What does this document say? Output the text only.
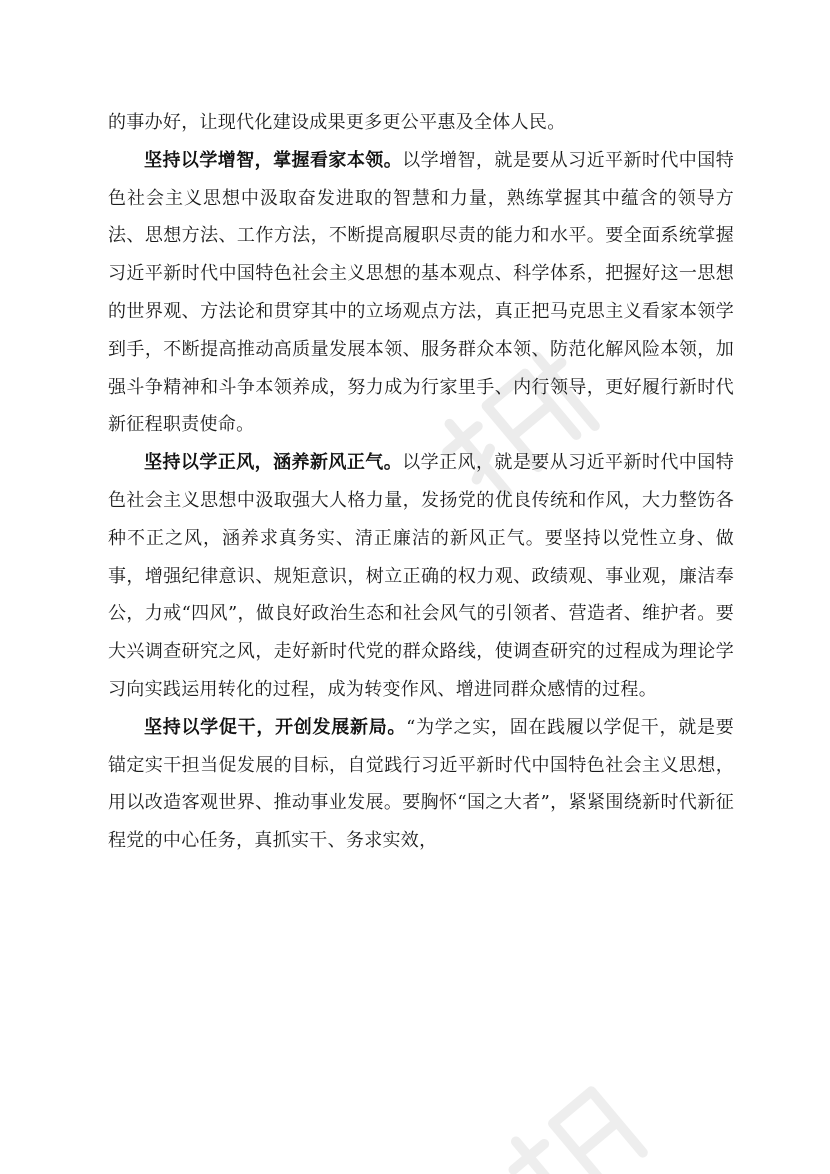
的事办好，让现代化建设成果更多更公平惠及全体人民。

坚持以学增智，掌握看家本领。以学增智，就是要从习近平新时代中国特色社会主义思想中汲取奋发进取的智慧和力量，熟练掌握其中蕴含的领导方法、思想方法、工作方法，不断提高履职尽责的能力和水平。要全面系统掌握习近平新时代中国特色社会主义思想的基本观点、科学体系，把握好这一思想的世界观、方法论和贯穿其中的立场观点方法，真正把马克思主义看家本领学到手，不断提高推动高质量发展本领、服务群众本领、防范化解风险本领，加强斗争精神和斗争本领养成，努力成为行家里手、内行领导，更好履行新时代新征程职责使命。

坚持以学正风，涵养新风正气。以学正风，就是要从习近平新时代中国特色社会主义思想中汲取强大人格力量，发扬党的优良传统和作风，大力整饬各种不正之风，涵养求真务实、清正廉洁的新风正气。要坚持以党性立身、做事，增强纪律意识、规矩意识，树立正确的权力观、政绩观、事业观，廉洁奉公，力戒“四风”，做良好政治生态和社会风气的引领者、营造者、维护者。要大兴调查研究之风，走好新时代党的群众路线，使调查研究的过程成为理论学习向实践运用转化的过程，成为转变作风、增进同群众感情的过程。

坚持以学促干，开创发展新局。“为学之实，固在践履以学促干，就是要锚定实干担当促发展的目标，自觉践行习近平新时代中国特色社会主义思想，用以改造客观世界、推动事业发展。要胸怀“国之大者”，紧紧围绕新时代新征程党的中心任务，真抓实干、务求实效，
